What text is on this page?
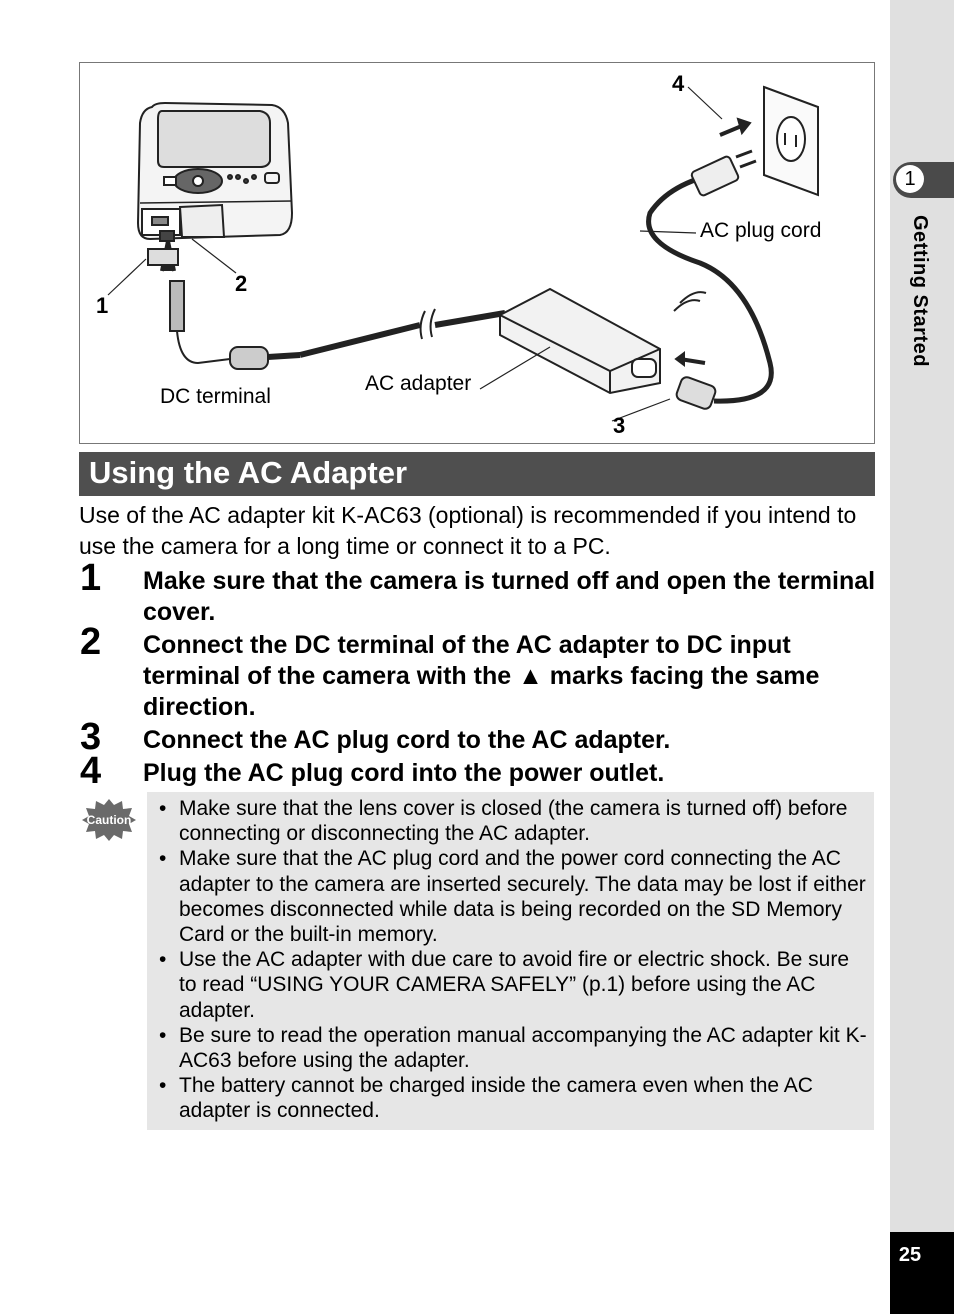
1
Getting Started
25
1
2
3
4
AC plug cord
AC adapter
DC terminal
Using the AC Adapter
Use of the AC adapter kit K-AC63 (optional) is recommended if you intend to use the camera for a long time or connect it to a PC.
1 Make sure that the camera is turned off and open the terminal cover.
2 Connect the DC terminal of the AC adapter to DC input terminal of the camera with the ▲ marks facing the same direction.
3 Connect the AC plug cord to the AC adapter.
4 Plug the AC plug cord into the power outlet.
Caution • Make sure that the lens cover is closed (the camera is turned off) before connecting or disconnecting the AC adapter.
• Make sure that the AC plug cord and the power cord connecting the AC adapter to the camera are inserted securely. The data may be lost if either becomes disconnected while data is being recorded on the SD Memory Card or the built-in memory.
• Use the AC adapter with due care to avoid fire or electric shock. Be sure to read “USING YOUR CAMERA SAFELY” (p.1) before using the AC adapter.
• Be sure to read the operation manual accompanying the AC adapter kit K-AC63 before using the adapter.
• The battery cannot be charged inside the camera even when the AC adapter is connected.
